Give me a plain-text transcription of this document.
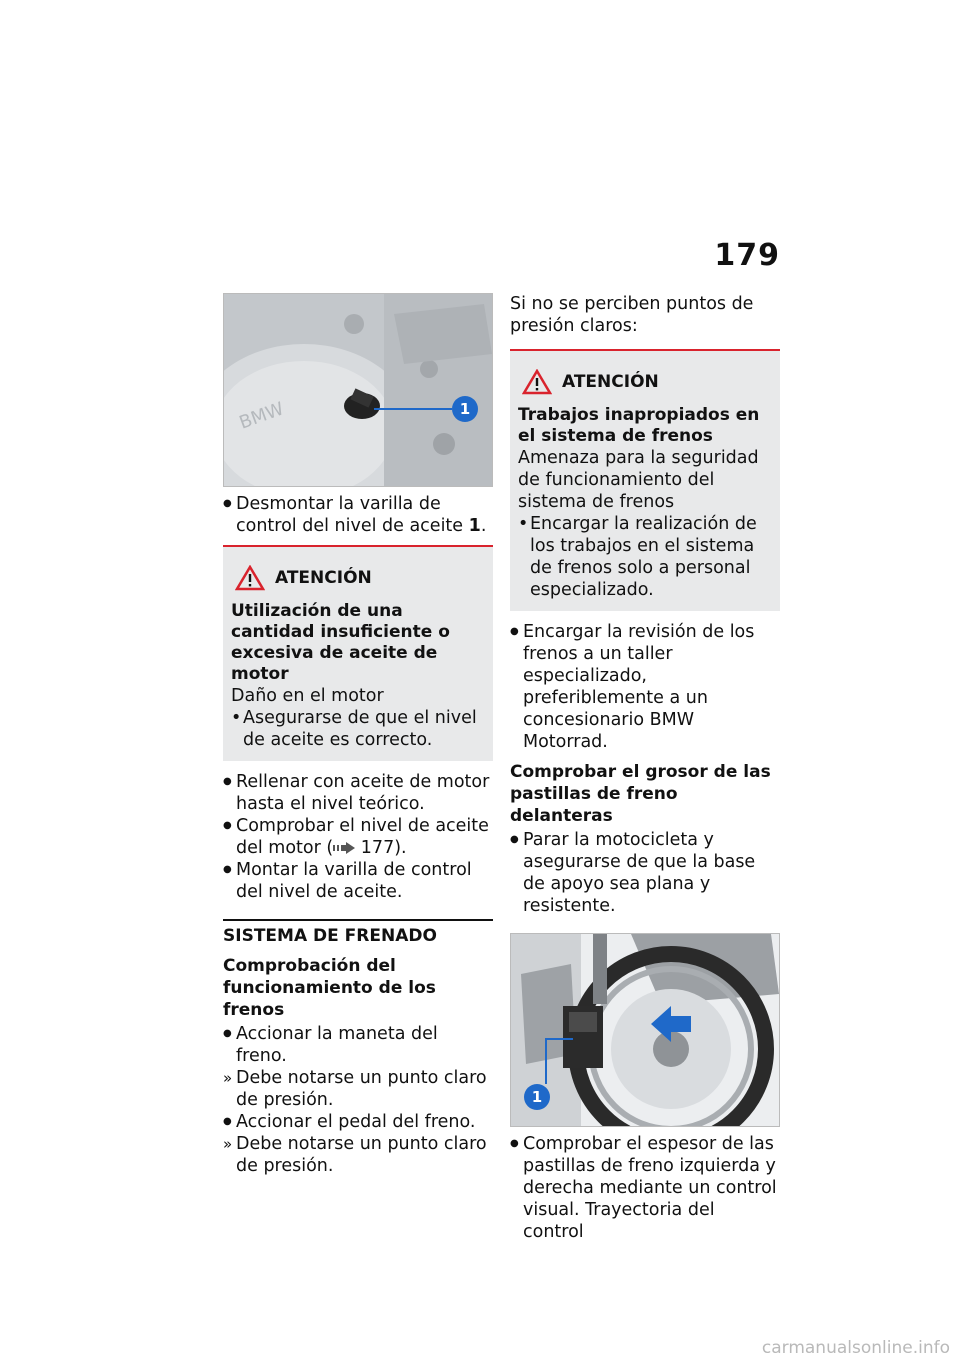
179
BMW	1

● Desmontar la varilla de control del nivel de aceite 1.

ATENCIÓN

Utilización de una cantidad insuficiente o excesiva de aceite de motor

Daño en el motor

• Asegurarse de que el nivel de aceite es correcto.

● Rellenar con aceite de motor hasta el nivel teórico.

● Comprobar el nivel de aceite del motor ( 177).

● Montar la varilla de control del nivel de aceite.

SISTEMA DE FRENADO
Comprobación del funcionamiento de los frenos

● Accionar la maneta del freno.

» Debe notarse un punto claro de presión.

● Accionar el pedal del freno.

» Debe notarse un punto claro de presión.

Si no se perciben puntos de presión claros:

ATENCIÓN

Trabajos inapropiados en el sistema de frenos

Amenaza para la seguridad de funcionamiento del sistema de frenos

• Encargar la realización de los trabajos en el sistema de frenos solo a personal especializado.

● Encargar la revisión de los frenos a un taller especializado, preferiblemente a un concesionario BMW Motorrad.

Comprobar el grosor de las pastillas de freno delanteras

● Parar la motocicleta y asegurarse de que la base de apoyo sea plana y resistente.

1

● Comprobar el espesor de las pastillas de freno izquierda y derecha mediante un control visual. Trayectoria del control

carmanualsonline.info
